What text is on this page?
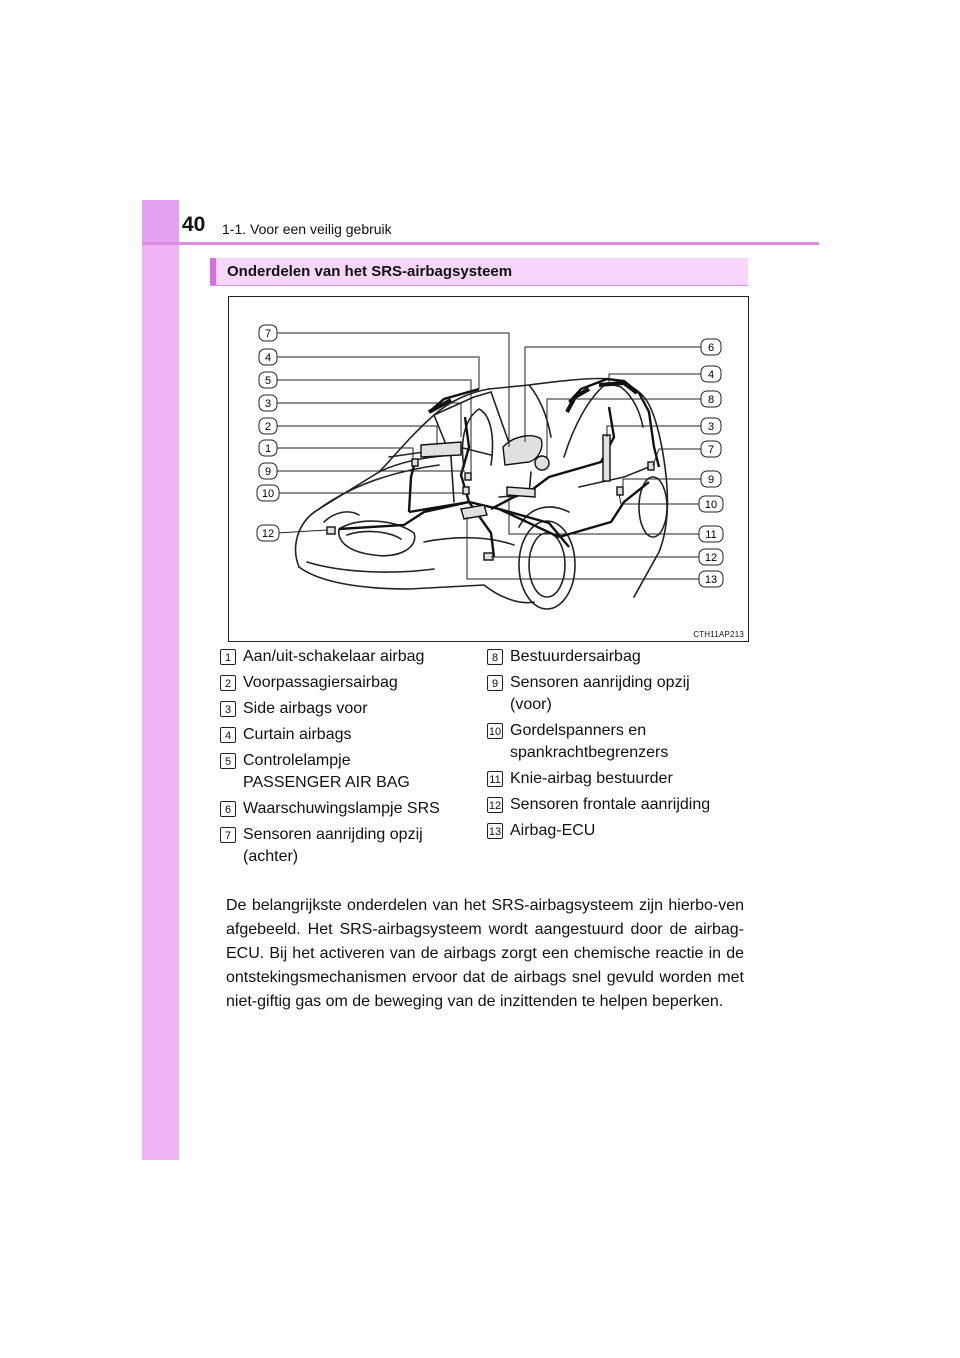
40 1-1. Voor een veilig gebruik
Onderdelen van het SRS-airbagsysteem
7
4
5
3
2
1
9
10
12
6
4
8
3
7
9
10
11
12
13
CTH11AP213
1 Aan/uit-schakelaar airbag
2 Voorpassagiersairbag
3 Side airbags voor
4 Curtain airbags
5 Controlelampje
PASSENGER AIR BAG
6 Waarschuwingslampje SRS
7 Sensoren aanrijding opzij
(achter)
8 Bestuurdersairbag
9 Sensoren aanrijding opzij
(voor)
10 Gordelspanners en
spankrachtbegrenzers
11 Knie-airbag bestuurder
12 Sensoren frontale aanrijding
13 Airbag-ECU

De belangrijkste onderdelen van het SRS-airbagsysteem zijn hierbo-ven afgebeeld. Het SRS-airbagsysteem wordt aangestuurd door de airbag-ECU. Bij het activeren van de airbags zorgt een chemische reactie in de ontstekingsmechanismen ervoor dat de airbags snel gevuld worden met niet-giftig gas om de beweging van de inzittenden te helpen beperken.
